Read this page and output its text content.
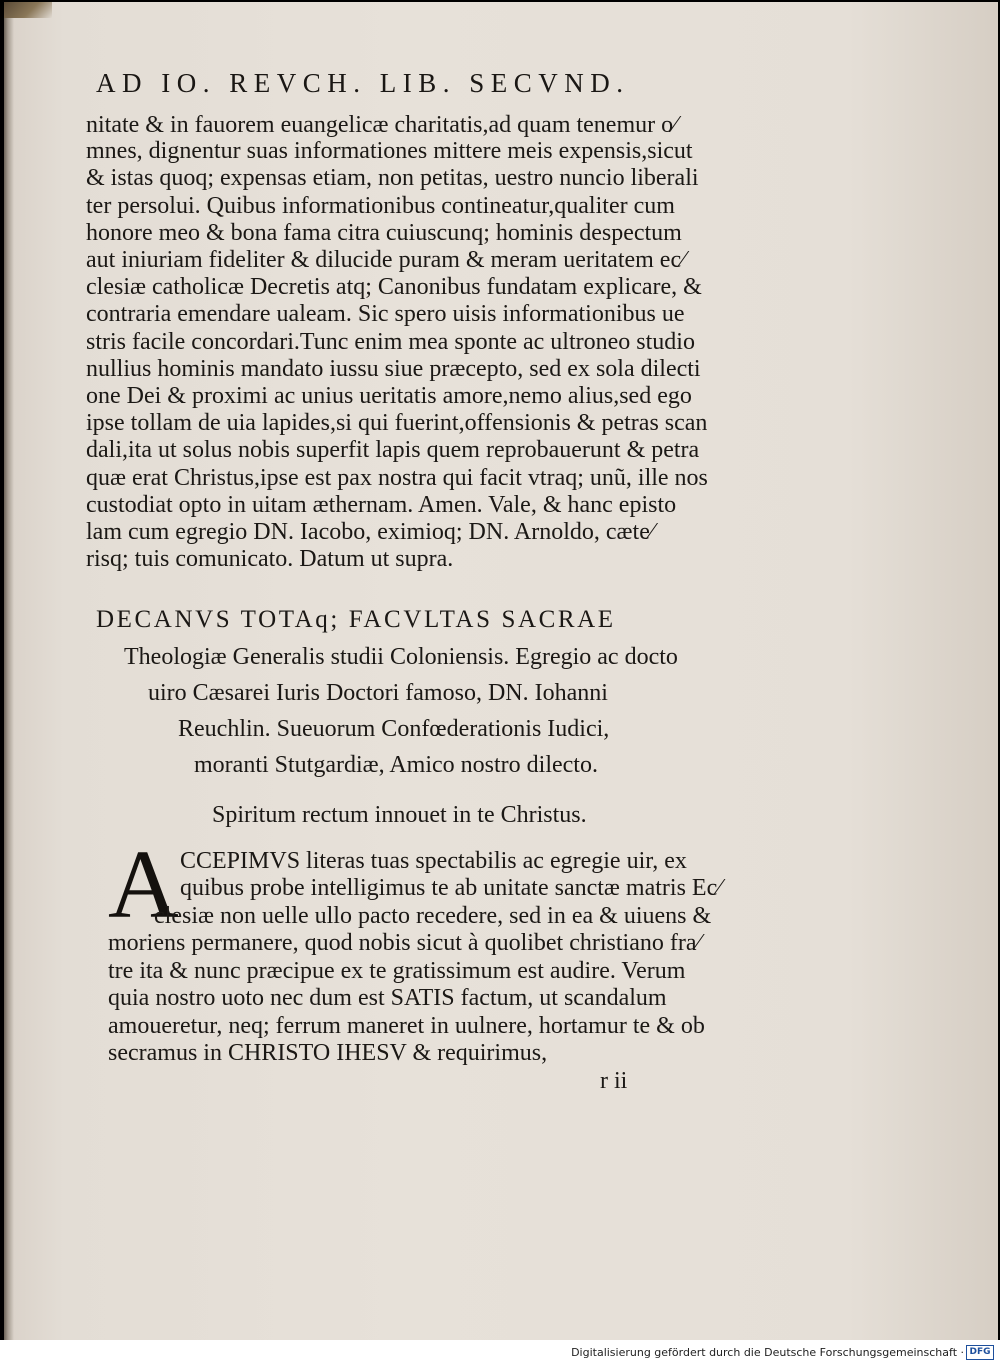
AD IO. REVCH. LIB. SECVND.
nitate & in fauorem euangelicæ charitatis,ad quam tenemur o⁄
mnes, dignentur suas informationes mittere meis expensis,sicut
& istas quoq; expensas etiam, non petitas, uestro nuncio liberali
ter persolui. Quibus informationibus contineatur,qualiter cum
honore meo & bona fama citra cuiuscunq; hominis despectum
aut iniuriam fideliter & dilucide puram & meram ueritatem ec⁄
clesiæ catholicæ Decretis atq; Canonibus fundatam explicare, &
contraria emendare ualeam. Sic spero uisis informationibus ue
stris facile concordari.Tunc enim mea sponte ac ultroneo studio
nullius hominis mandato iussu siue præcepto, sed ex sola dilecti
one Dei & proximi ac unius ueritatis amore,nemo alius,sed ego
ipse tollam de uia lapides,si qui fuerint,offensionis & petras scan
dali,ita ut solus nobis superfit lapis quem reprobauerunt & petra
quæ erat Christus,ipse est pax nostra qui facit vtraq; unũ, ille nos
custodiat opto in uitam æthernam. Amen. Vale, & hanc episto
lam cum egregio DN. Iacobo, eximioq; DN. Arnoldo, cæte⁄
risq; tuis comunicato. Datum ut supra.
DECANVS TOTAq; FACVLTAS SACRAE
Theologiæ Generalis studii Coloniensis. Egregio ac docto
uiro Cæsarei Iuris Doctori famoso, DN. Iohanni
Reuchlin. Sueuorum Confœderationis Iudici,
moranti Stutgardiæ, Amico nostro dilecto.
Spiritum rectum innouet in te Christus.
A CCEPIMVS literas tuas spectabilis ac egregie uir, ex
quibus probe intelligimus te ab unitate sanctæ matris Ec⁄
clesiæ non uelle ullo pacto recedere, sed in ea & uiuens &
moriens permanere, quod nobis sicut à quolibet christiano fra⁄
tre ita & nunc præcipue ex te gratissimum est audire. Verum
quia nostro uoto nec dum est SATIS factum, ut scandalum
amoueretur, neq; ferrum maneret in uulnere, hortamur te & ob
secramus in CHRISTO IHESV & requirimus,
r ii
Digitalisierung gefördert durch die Deutsche Forschungsgemeinschaft · DFG
